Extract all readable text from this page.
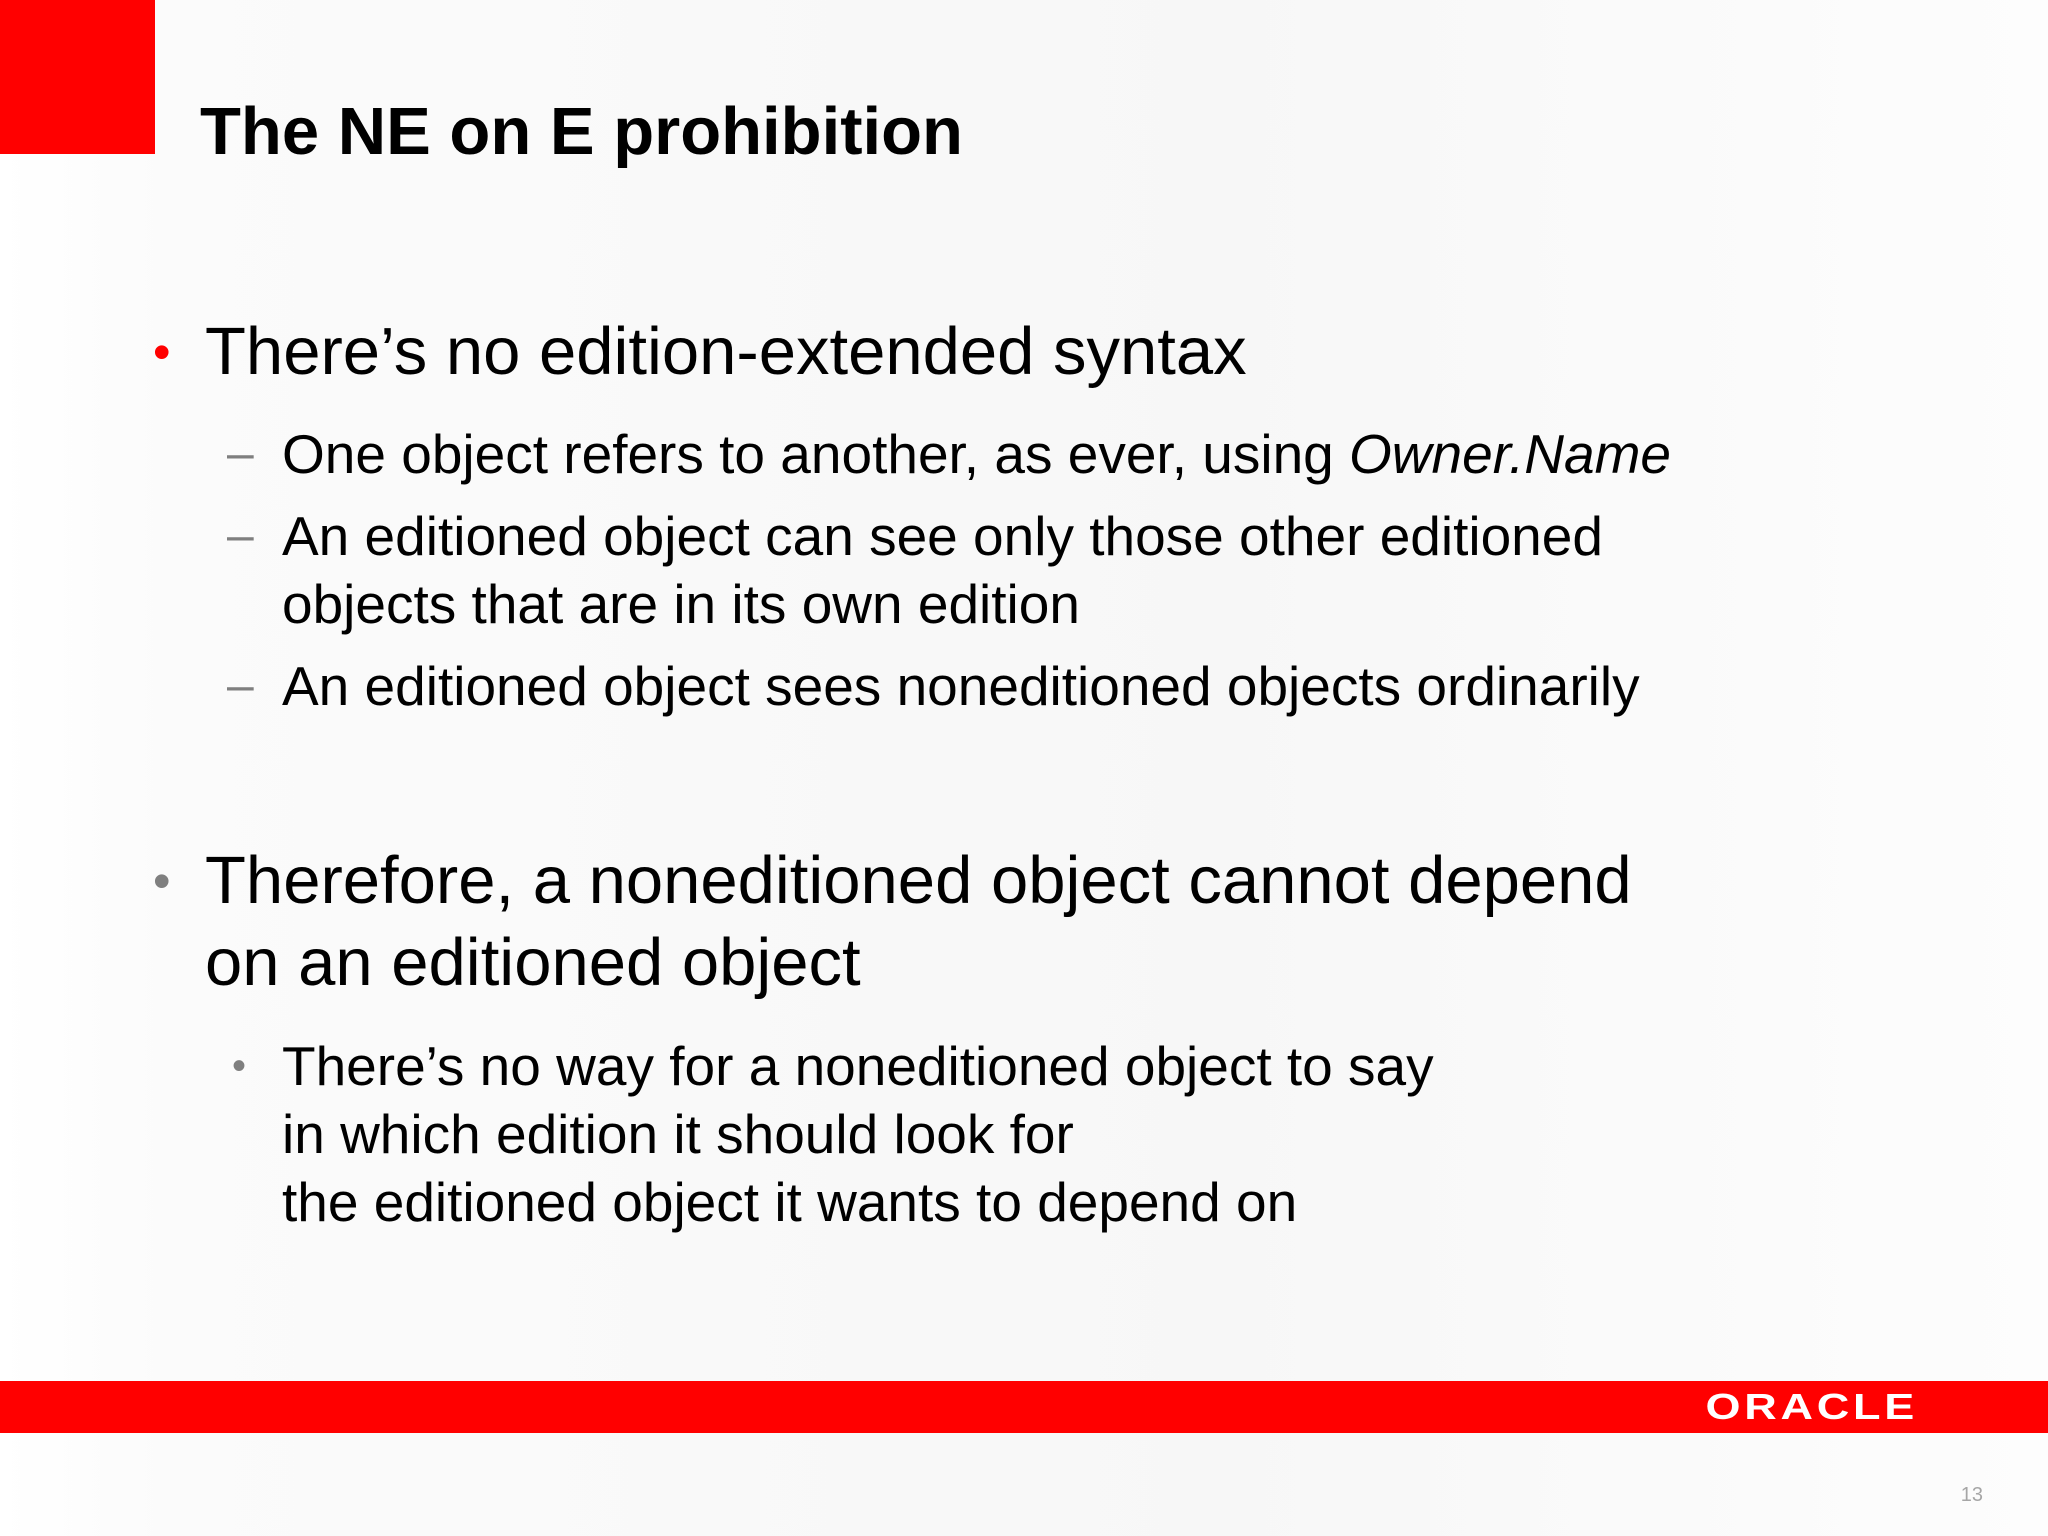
The NE on E prohibition
• There’s no edition-extended syntax
– One object refers to another, as ever, using Owner.Name
– An editioned object can see only those other editioned
objects that are in its own edition
– An editioned object sees noneditioned objects ordinarily
• Therefore, a noneditioned object cannot depend
on an editioned object
• There’s no way for a noneditioned object to say
in which edition it should look for
the editioned object it wants to depend on
ORACLE
13
